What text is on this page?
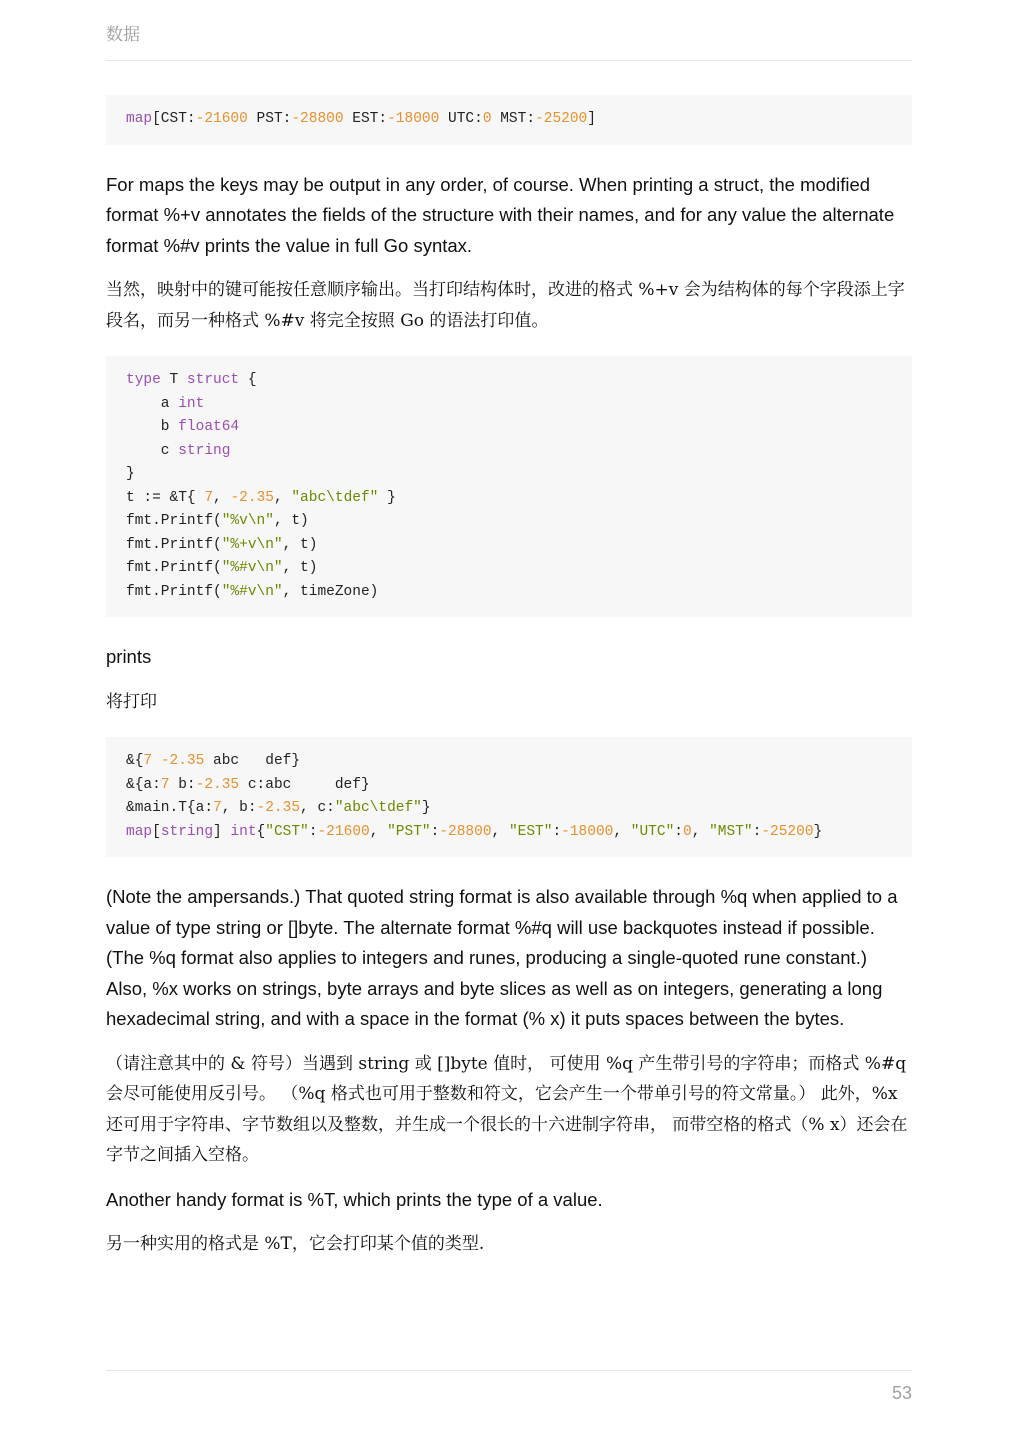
数据
map[CST:-21600 PST:-28800 EST:-18000 UTC:0 MST:-25200]

For maps the keys may be output in any order, of course. When printing a struct, the modified format %+v annotates the fields of the structure with their names, and for any value the alternate format %#v prints the value in full Go syntax.

当然，映射中的键可能按任意顺序输出。当打印结构体时，改进的格式 %+v 会为结构体的每个字段添上字段名，而另一种格式 %#v 将完全按照 Go 的语法打印值。

type T struct {
a int
b float64
c string
}
t := &T{ 7, -2.35, "abc\tdef" }
fmt.Printf("%v\n", t)
fmt.Printf("%+v\n", t)
fmt.Printf("%#v\n", t)
fmt.Printf("%#v\n", timeZone)

prints

将打印

&{7 -2.35 abc   def}
&{a:7 b:-2.35 c:abc     def}
&main.T{a:7, b:-2.35, c:"abc\tdef"}
map[string] int{"CST":-21600, "PST":-28800, "EST":-18000, "UTC":0, "MST":-25200}

(Note the ampersands.) That quoted string format is also available through %q when applied to a value of type string or []byte. The alternate format %#q will use backquotes instead if possible. (The %q format also applies to integers and runes, producing a single-quoted rune constant.) Also, %x works on strings, byte arrays and byte slices as well as on integers, generating a long hexadecimal string, and with a space in the format (% x) it puts spaces between the bytes.

（请注意其中的 & 符号）当遇到 string 或 []byte 值时， 可使用 %q 产生带引号的字符串；而格式 %#q 会尽可能使用反引号。 （%q 格式也可用于整数和符文，它会产生一个带单引号的符文常量。） 此外，%x 还可用于字符串、字节数组以及整数，并生成一个很长的十六进制字符串， 而带空格的格式（% x）还会在字节之间插入空格。

Another handy format is %T, which prints the type of a value.

另一种实用的格式是 %T，它会打印某个值的类型.

53
